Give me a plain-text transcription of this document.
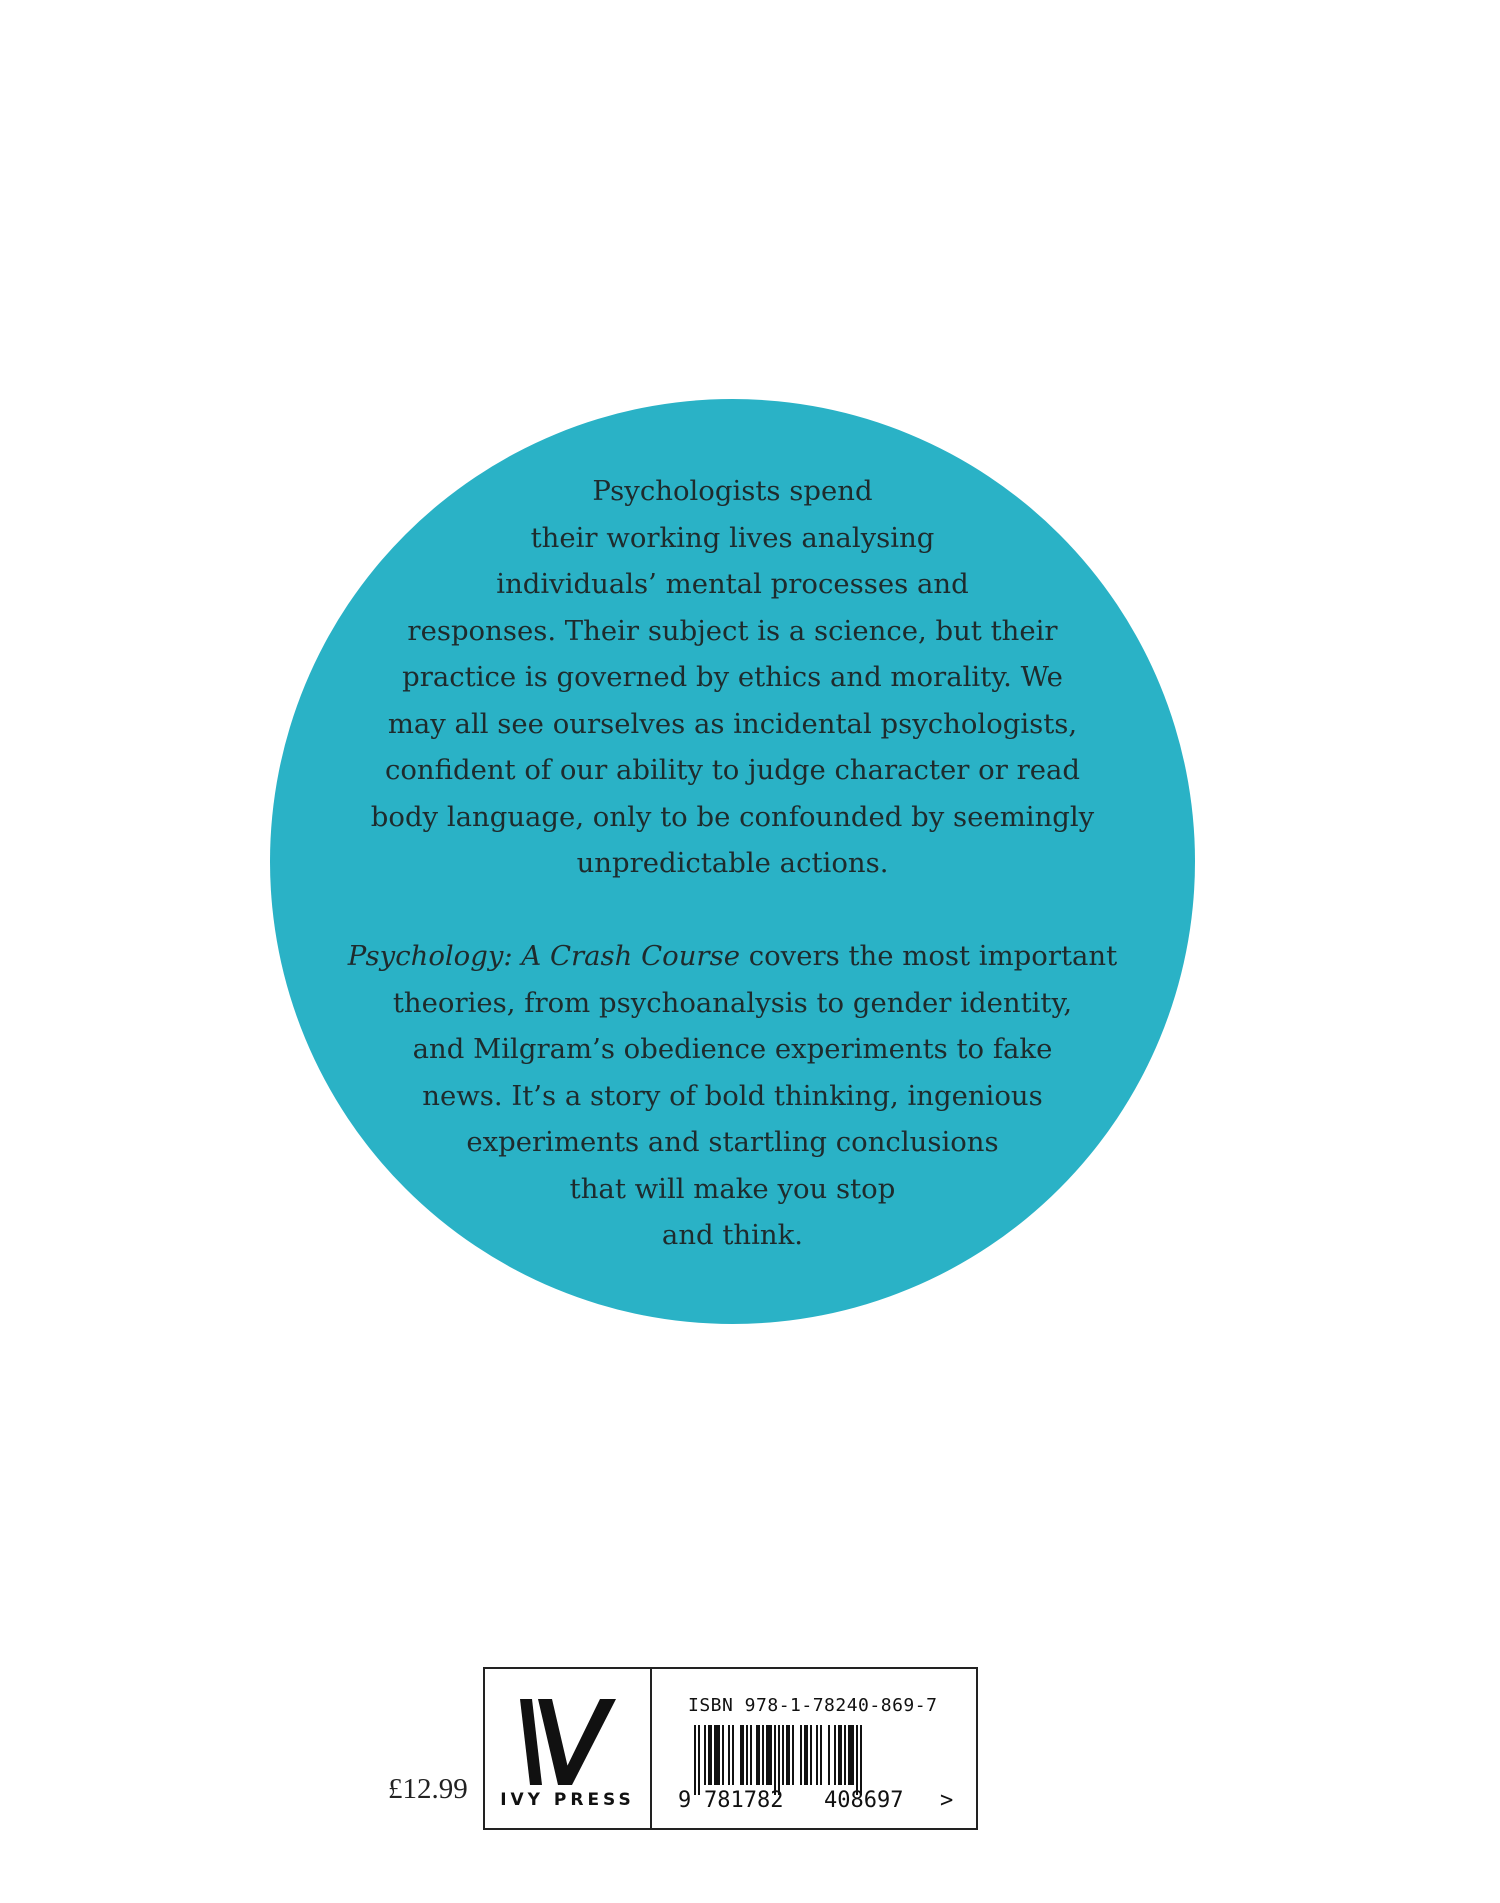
Psychologists spend
their working lives analysing
individuals’ mental processes and
responses. Their subject is a science, but their
practice is governed by ethics and morality. We
may all see ourselves as incidental psychologists,
confident of our ability to judge character or read
body language, only to be confounded by seemingly
unpredictable actions.
Psychology: A Crash Course covers the most important
theories, from psychoanalysis to gender identity,
and Milgram’s obedience experiments to fake
news. It’s a story of bold thinking, ingenious
experiments and startling conclusions
that will make you stop
and think.
£12.99	IVY PRESS
ISBN 978-1-78240-869-7
9 781782 408697 >
